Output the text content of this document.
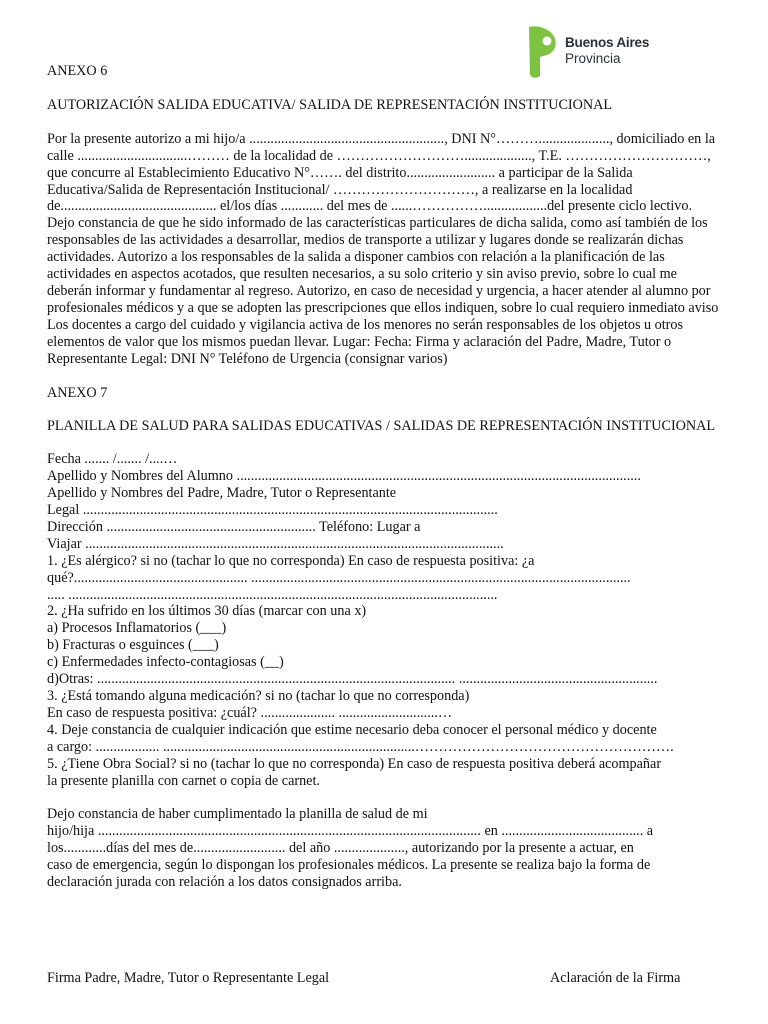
Buenos Aires
Provincia

ANEXO 6

AUTORIZACIÓN SALIDA EDUCATIVA/ SALIDA DE REPRESENTACIÓN INSTITUCIONAL

Por la presente autorizo a mi hijo/a ......................................................., DNI N°………...................., domiciliado en la calle ...............................……… de la localidad de ………………………..................., T.E. …………………………, que concurre al Establecimiento Educativo N°……. del distrito......................... a participar de la Salida Educativa/Salida de Representación Institucional/ …………………………, a realizarse en la localidad de............................................ el/los días ............ del mes de ......……………..................del presente ciclo lectivo. Dejo constancia de que he sido informado de las características particulares de dicha salida, como así también de los responsables de las actividades a desarrollar, medios de transporte a utilizar y lugares donde se realizarán dichas actividades. Autorizo a los responsables de la salida a disponer cambios con relación a la planificación de las actividades en aspectos acotados, que resulten necesarios, a su solo criterio y sin aviso previo, sobre lo cual me deberán informar y fundamentar al regreso. Autorizo, en caso de necesidad y urgencia, a hacer atender al alumno por profesionales médicos y a que se adopten las prescripciones que ellos indiquen, sobre lo cual requiero inmediato aviso Los docentes a cargo del cuidado y vigilancia activa de los menores no serán responsables de los objetos u otros elementos de valor que los mismos puedan llevar. Lugar: Fecha: Firma y aclaración del Padre, Madre, Tutor o Representante Legal: DNI N° Teléfono de Urgencia (consignar varios)

ANEXO 7

PLANILLA DE SALUD PARA SALIDAS EDUCATIVAS / SALIDAS DE REPRESENTACIÓN INSTITUCIONAL

Fecha ....... /....... /....…

Apellido y Nombres del Alumno ..................................................................................................................

Apellido y Nombres del Padre, Madre, Tutor o Representante

Legal .....................................................................................................................

Dirección ........................................................... Teléfono: Lugar a

Viajar ......................................................................................................................

1. ¿Es alérgico? si no (tachar lo que no corresponda) En caso de respuesta positiva: ¿a

qué?................................................. ...........................................................................................................

..... .........................................................................................................................

2. ¿Ha sufrido en los últimos 30 días (marcar con una x)

a) Procesos Inflamatorios (___)

b) Fracturas o esguinces (___)

c) Enfermedades infecto-contagiosas (__)

d)Otras: ..................................................................................................... ........................................................

3. ¿Está tomando alguna medicación? si no (tachar lo que no corresponda)

En caso de respuesta positiva: ¿cuál? ..................... ............................…

4. Deje constancia de cualquier indicación que estime necesario deba conocer el personal médico y docente

a cargo: .................. .......................................................................……………………………………………….

5. ¿Tiene Obra Social? si no (tachar lo que no corresponda) En caso de respuesta positiva deberá acompañar

la presente planilla con carnet o copia de carnet.

Dejo constancia de haber cumplimentado la planilla de salud de mi

hijo/hija ............................................................................................................ en ........................................ a

los............días del mes de.......................... del año ...................., autorizando por la presente a actuar, en

caso de emergencia, según lo dispongan los profesionales médicos. La presente se realiza bajo la forma de

declaración jurada con relación a los datos consignados arriba.

Firma Padre, Madre, Tutor o Representante Legal	Aclaración de la Firma
